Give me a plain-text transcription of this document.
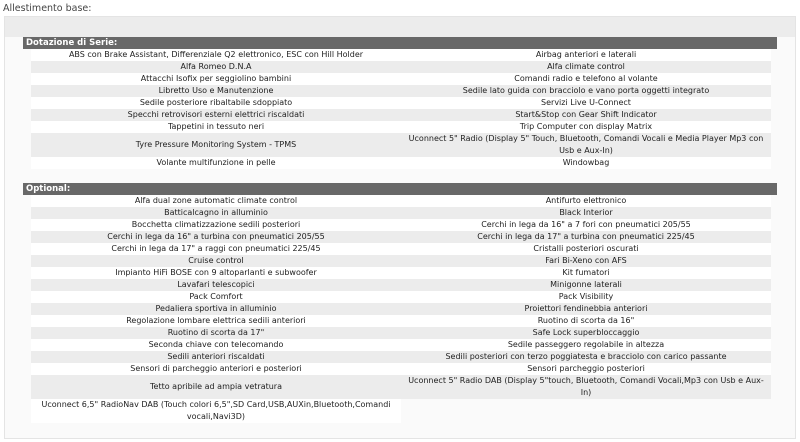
Allestimento base:
Dotazione di Serie:
ABS con Brake Assistant, Differenziale Q2 elettronico, ESC con Hill Holder	Airbag anteriori e laterali
Alfa Romeo D.N.A	Alfa climate control
Attacchi Isofix per seggiolino bambini	Comandi radio e telefono al volante
Libretto Uso e Manutenzione	Sedile lato guida con bracciolo e vano porta oggetti integrato
Sedile posteriore ribaltabile sdoppiato	Servizi Live U-Connect
Specchi retrovisori esterni elettrici riscaldati	Start&Stop con Gear Shift Indicator
Tappetini in tessuto neri	Trip Computer con display Matrix
Tyre Pressure Monitoring System - TPMS	Uconnect 5" Radio (Display 5" Touch, Bluetooth, Comandi Vocali e Media Player Mp3 con Usb e Aux-In)
Volante multifunzione in pelle	Windowbag
Optional:
Alfa dual zone automatic climate control	Antifurto elettronico
Batticalcagno in alluminio	Black Interior
Bocchetta climatizzazione sedili posteriori	Cerchi in lega da 16" a 7 fori con pneumatici 205/55
Cerchi in lega da 16" a turbina con pneumatici 205/55	Cerchi in lega da 17" a turbina con pneumatici 225/45
Cerchi in lega da 17" a raggi con pneumatici 225/45	Cristalli posteriori oscurati
Cruise control	Fari Bi-Xeno con AFS
Impianto HiFi BOSE con 9 altoparlanti e subwoofer	Kit fumatori
Lavafari telescopici	Minigonne laterali
Pack Comfort	Pack Visibility
Pedaliera sportiva in alluminio	Proiettori fendinebbia anteriori
Regolazione lombare elettrica sedili anteriori	Ruotino di scorta da 16"
Ruotino di scorta da 17"	Safe Lock superbloccaggio
Seconda chiave con telecomando	Sedile passeggero regolabile in altezza
Sedili anteriori riscaldati	Sedili posteriori con terzo poggiatesta e bracciolo con carico passante
Sensori di parcheggio anteriori e posteriori	Sensori parcheggio posteriori
Tetto apribile ad ampia vetratura	Uconnect 5" Radio DAB (Display 5"touch, Bluetooth, Comandi Vocali,Mp3 con Usb e Aux-In)
Uconnect 6,5" RadioNav DAB (Touch colori 6,5",SD Card,USB,AUXin,Bluetooth,Comandi vocali,Navi3D)	
